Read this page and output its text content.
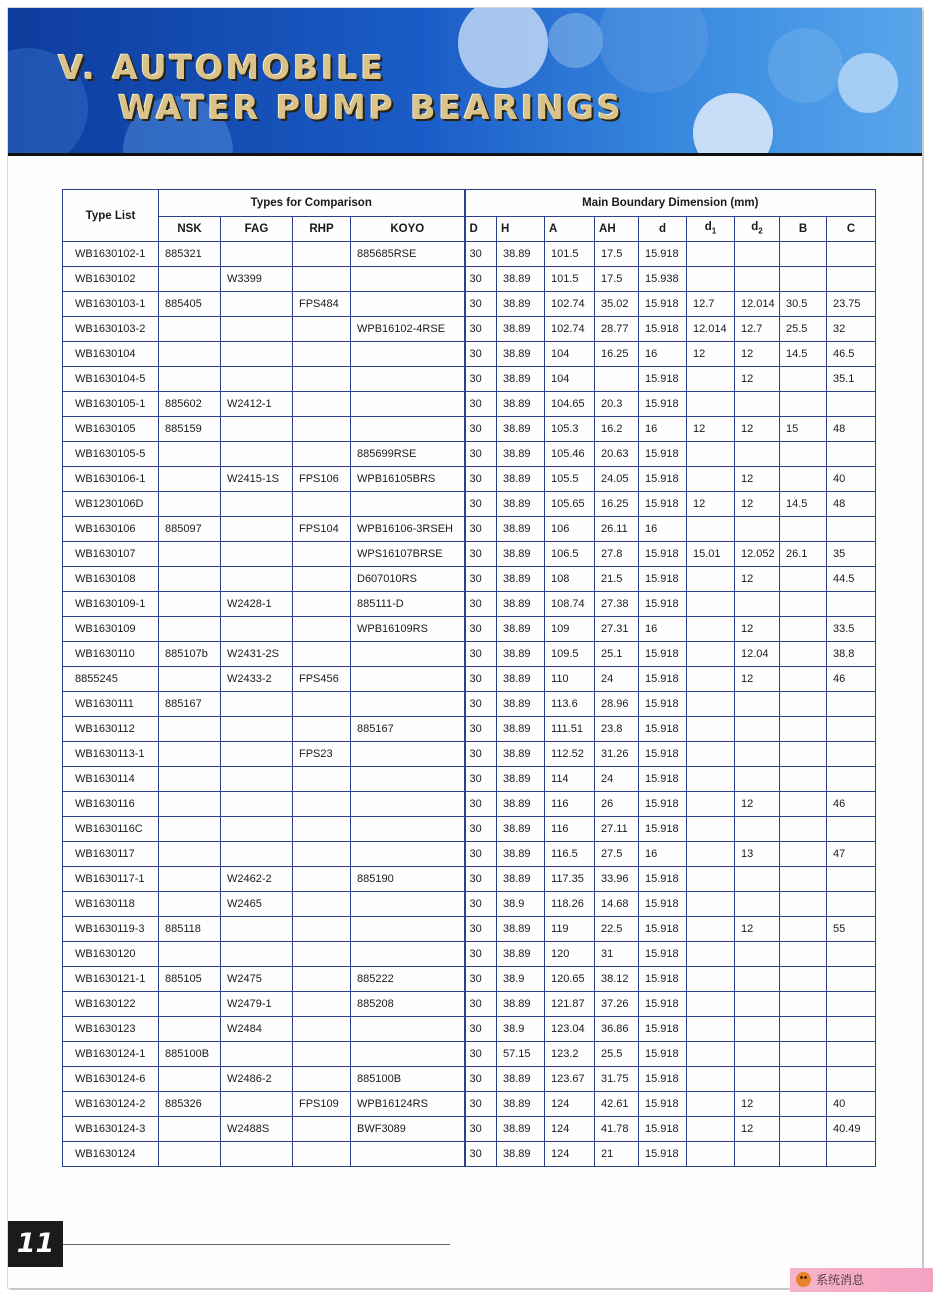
V. AUTOMOBILE
WATER PUMP BEARINGS
Type List	Types for Comparison				Main Boundary Dimension (mm)								
	NSK	FAG	RHP	KOYO	D	H	A	AH	d	$d_1$	$d_2$	B	C
WB1630102-1	885321			885685RSE	30	38.89	101.5	17.5	15.918				
WB1630102		W3399			30	38.89	101.5	17.5	15.938				
WB1630103-1	885405		FPS484		30	38.89	102.74	35.02	15.918	12.7	12.014	30.5	23.75
WB1630103-2				WPB16102-4RSE	30	38.89	102.74	28.77	15.918	12.014	12.7	25.5	32
WB1630104					30	38.89	104	16.25	16	12	12	14.5	46.5
WB1630104-5					30	38.89	104		15.918		12		35.1
WB1630105-1	885602	W2412-1			30	38.89	104.65	20.3	15.918				
WB1630105	885159				30	38.89	105.3	16.2	16	12	12	15	48
WB1630105-5				885699RSE	30	38.89	105.46	20.63	15.918				
WB1630106-1		W2415-1S	FPS106	WPB16105BRS	30	38.89	105.5	24.05	15.918		12		40
WB1230106D					30	38.89	105.65	16.25	15.918	12	12	14.5	48
WB1630106	885097		FPS104	WPB16106-3RSEH	30	38.89	106	26.11	16				
WB1630107				WPS16107BRSE	30	38.89	106.5	27.8	15.918	15.01	12.052	26.1	35
WB1630108				D607010RS	30	38.89	108	21.5	15.918		12		44.5
WB1630109-1		W2428-1		885111-D	30	38.89	108.74	27.38	15.918				
WB1630109				WPB16109RS	30	38.89	109	27.31	16		12		33.5
WB1630110	885107b	W2431-2S			30	38.89	109.5	25.1	15.918		12.04		38.8
8855245		W2433-2	FPS456		30	38.89	110	24	15.918		12		46
WB1630111	885167				30	38.89	113.6	28.96	15.918				
WB1630112				885167	30	38.89	111.51	23.8	15.918				
WB1630113-1			FPS23		30	38.89	112.52	31.26	15.918				
WB1630114					30	38.89	114	24	15.918				
WB1630116					30	38.89	116	26	15.918		12		46
WB1630116C					30	38.89	116	27.11	15.918				
WB1630117					30	38.89	116.5	27.5	16		13		47
WB1630117-1		W2462-2		885190	30	38.89	117.35	33.96	15.918				
WB1630118		W2465			30	38.9	118.26	14.68	15.918				
WB1630119-3	885118				30	38.89	119	22.5	15.918		12		55
WB1630120					30	38.89	120	31	15.918				
WB1630121-1	885105	W2475		885222	30	38.9	120.65	38.12	15.918				
WB1630122		W2479-1		885208	30	38.89	121.87	37.26	15.918				
WB1630123		W2484			30	38.9	123.04	36.86	15.918				
WB1630124-1	885100B				30	57.15	123.2	25.5	15.918				
WB1630124-6		W2486-2		885100B	30	38.89	123.67	31.75	15.918				
WB1630124-2	885326		FPS109	WPB16124RS	30	38.89	124	42.61	15.918		12		40
WB1630124-3		W2488S		BWF3089	30	38.89	124	41.78	15.918		12		40.49
WB1630124					30	38.89	124	21	15.918				
11
系统消息
